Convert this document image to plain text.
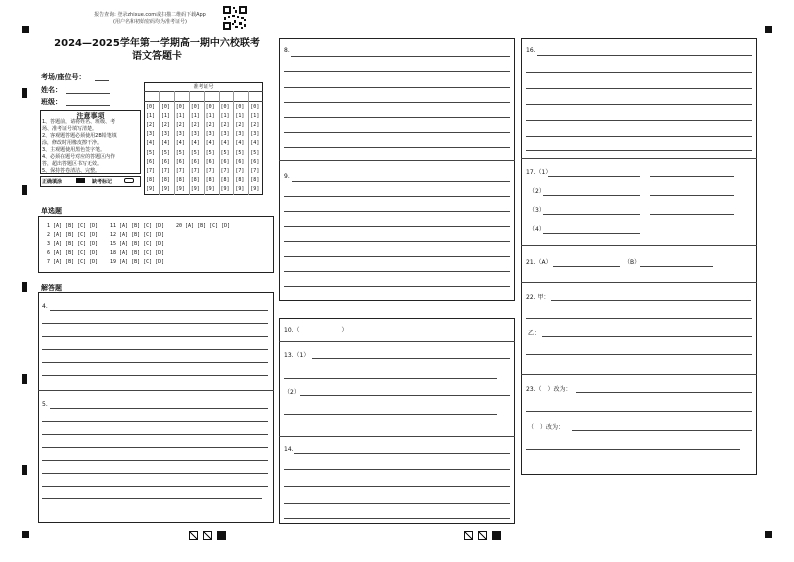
报告查询: 登录zhixue.com或扫描二维码下载App
(用户名和初始密码均为准考证号)
2024—2025学年第一学期高一期中六校联考
语文答题卡
考场/座位号：
姓名：
班级：
准考证号
[0]
[1]
[2]
[3]
[4]
[5]
[6]
[7]
[8]
[9]
[0]
[1]
[2]
[3]
[4]
[5]
[6]
[7]
[8]
[9]
[0]
[1]
[2]
[3]
[4]
[5]
[6]
[7]
[8]
[9]
[0]
[1]
[2]
[3]
[4]
[5]
[6]
[7]
[8]
[9]
[0]
[1]
[2]
[3]
[4]
[5]
[6]
[7]
[8]
[9]
[0]
[1]
[2]
[3]
[4]
[5]
[6]
[7]
[8]
[9]
[0]
[1]
[2]
[3]
[4]
[5]
[6]
[7]
[8]
[9]
[0]
[1]
[2]
[3]
[4]
[5]
[6]
[7]
[8]
[9]
注意事项
1、答题前，请将姓名、班级、考
场、准考证号填写清楚。
2、客观题答题必须使用2B铅笔填
涂，修改时用橡皮擦干净。
3、主观题使用黑色签字笔。
4、必须在题号对应的答题区内作
答，超出答题区书写无效。
5、保持答卷清洁、完整。
正确填涂	缺考标记
单选题
1 [A] [B] [C] [D] 11 [A] [B] [C] [D] 20 [A] [B] [C] [D]
2 [A] [B] [C] [D] 12 [A] [B] [C] [D]
3 [A] [B] [C] [D] 15 [A] [B] [C] [D]
6 [A] [B] [C] [D] 18 [A] [B] [C] [D]
7 [A] [B] [C] [D] 19 [A] [B] [C] [D]
解答题
4.
5.
8.
9.
10.（　　　　　　　）
13.（1）
（2）
14.
16.
17.（1）
（2）
（3）
（4）
21.（A）	（B）
22. 甲：
乙：
23.（　）改为：
（　）改为：
